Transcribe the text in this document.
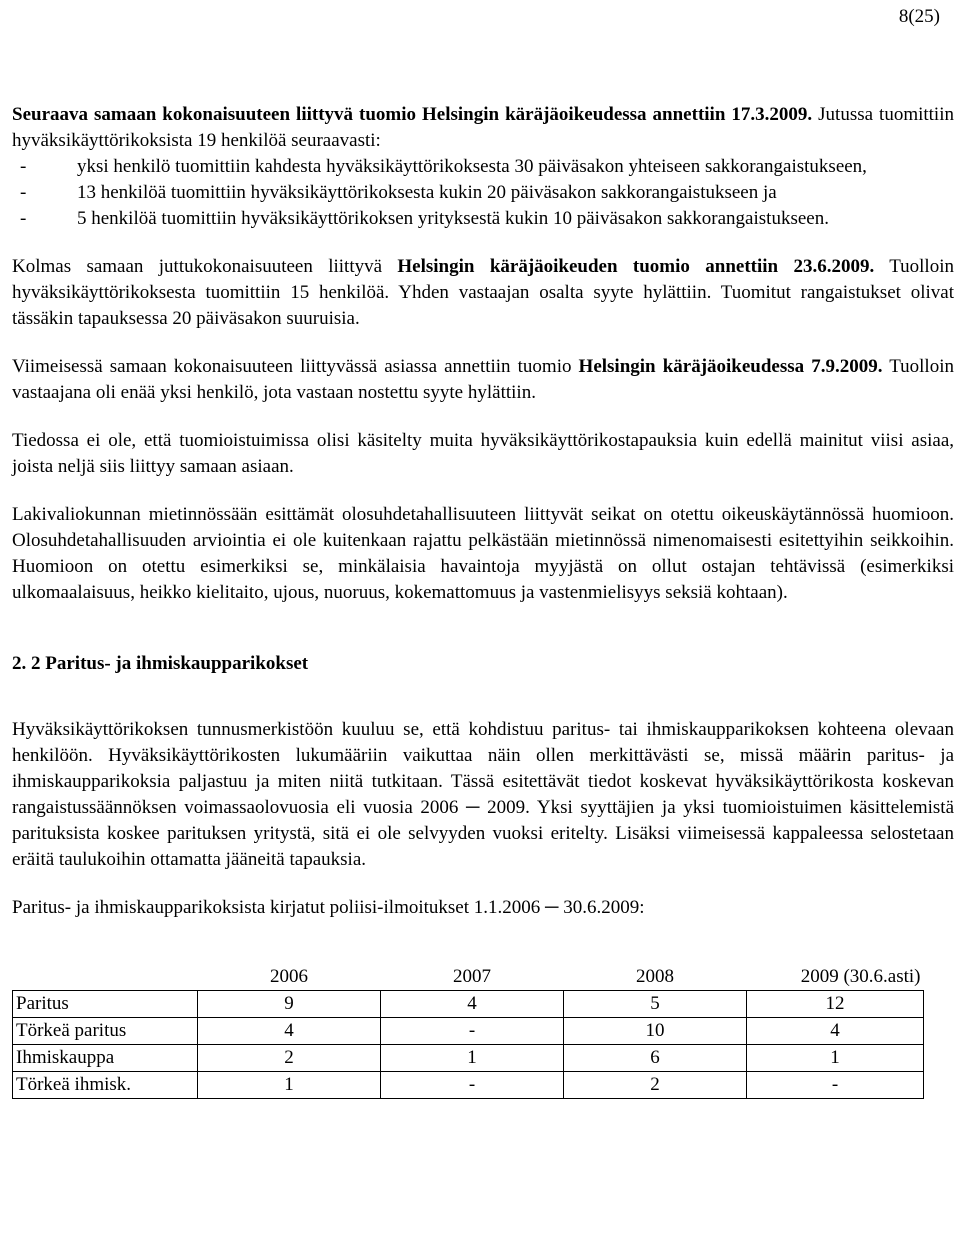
8(25)

Seuraava samaan kokonaisuuteen liittyvä tuomio Helsingin käräjäoikeudessa annettiin 17.3.2009. Jutussa tuomittiin hyväksikäyttörikoksista 19 henkilöä seuraavasti:

-	yksi henkilö tuomittiin kahdesta hyväksikäyttörikoksesta 30 päiväsakon yhteiseen sakkorangaistukseen,
-	13 henkilöä tuomittiin hyväksikäyttörikoksesta kukin 20 päiväsakon sakkorangaistukseen ja
-	5 henkilöä tuomittiin hyväksikäyttörikoksen yrityksestä kukin 10 päiväsakon sakkorangaistukseen.

Kolmas samaan juttukokonaisuuteen liittyvä Helsingin käräjäoikeuden tuomio annettiin 23.6.2009. Tuolloin hyväksikäyttörikoksesta tuomittiin 15 henkilöä. Yhden vastaajan osalta syyte hylättiin. Tuomitut rangaistukset olivat tässäkin tapauksessa 20 päiväsakon suuruisia.

Viimeisessä samaan kokonaisuuteen liittyvässä asiassa annettiin tuomio Helsingin käräjäoikeudessa 7.9.2009. Tuolloin vastaajana oli enää yksi henkilö, jota vastaan nostettu syyte hylättiin.

Tiedossa ei ole, että tuomioistuimissa olisi käsitelty muita hyväksikäyttörikostapauksia kuin edellä mainitut viisi asiaa, joista neljä siis liittyy samaan asiaan.

Lakivaliokunnan mietinnössään esittämät olosuhdetahallisuuteen liittyvät seikat on otettu oikeuskäytännössä huomioon. Olosuhdetahallisuuden arviointia ei ole kuitenkaan rajattu pelkästään mietinnössä nimenomaisesti esitettyihin seikkoihin. Huomioon on otettu esimerkiksi se, minkälaisia havaintoja myyjästä on ollut ostajan tehtävissä (esimerkiksi ulkomaalaisuus, heikko kielitaito, ujous, nuoruus, kokemattomuus ja vastenmielisyys seksiä kohtaan).

2. 2 Paritus- ja ihmiskaupparikokset

Hyväksikäyttörikoksen tunnusmerkistöön kuuluu se, että kohdistuu paritus- tai ihmiskaupparikoksen kohteena olevaan henkilöön. Hyväksikäyttörikosten lukumääriin vaikuttaa näin ollen merkittävästi se, missä määrin paritus- ja ihmiskaupparikoksia paljastuu ja miten niitä tutkitaan. Tässä esitettävät tiedot koskevat hyväksikäyttörikosta koskevan rangaistussäännöksen voimassaolovuosia eli vuosia 2006 ─ 2009. Yksi syyttäjien ja yksi tuomioistuimen käsittelemistä parituksista koskee parituksen yritystä, sitä ei ole selvyyden vuoksi eritelty. Lisäksi viimeisessä kappaleessa selostetaan eräitä taulukoihin ottamatta jääneitä tapauksia.

Paritus- ja ihmiskaupparikoksista kirjatut poliisi-ilmoitukset 1.1.2006 ─ 30.6.2009:

	2006	2007	2008	2009 (30.6.asti)
Paritus	9	4	5	12
Törkeä paritus	4	-	10	4
Ihmiskauppa	2	1	6	1
Törkeä ihmisk.	1	-	2	-
